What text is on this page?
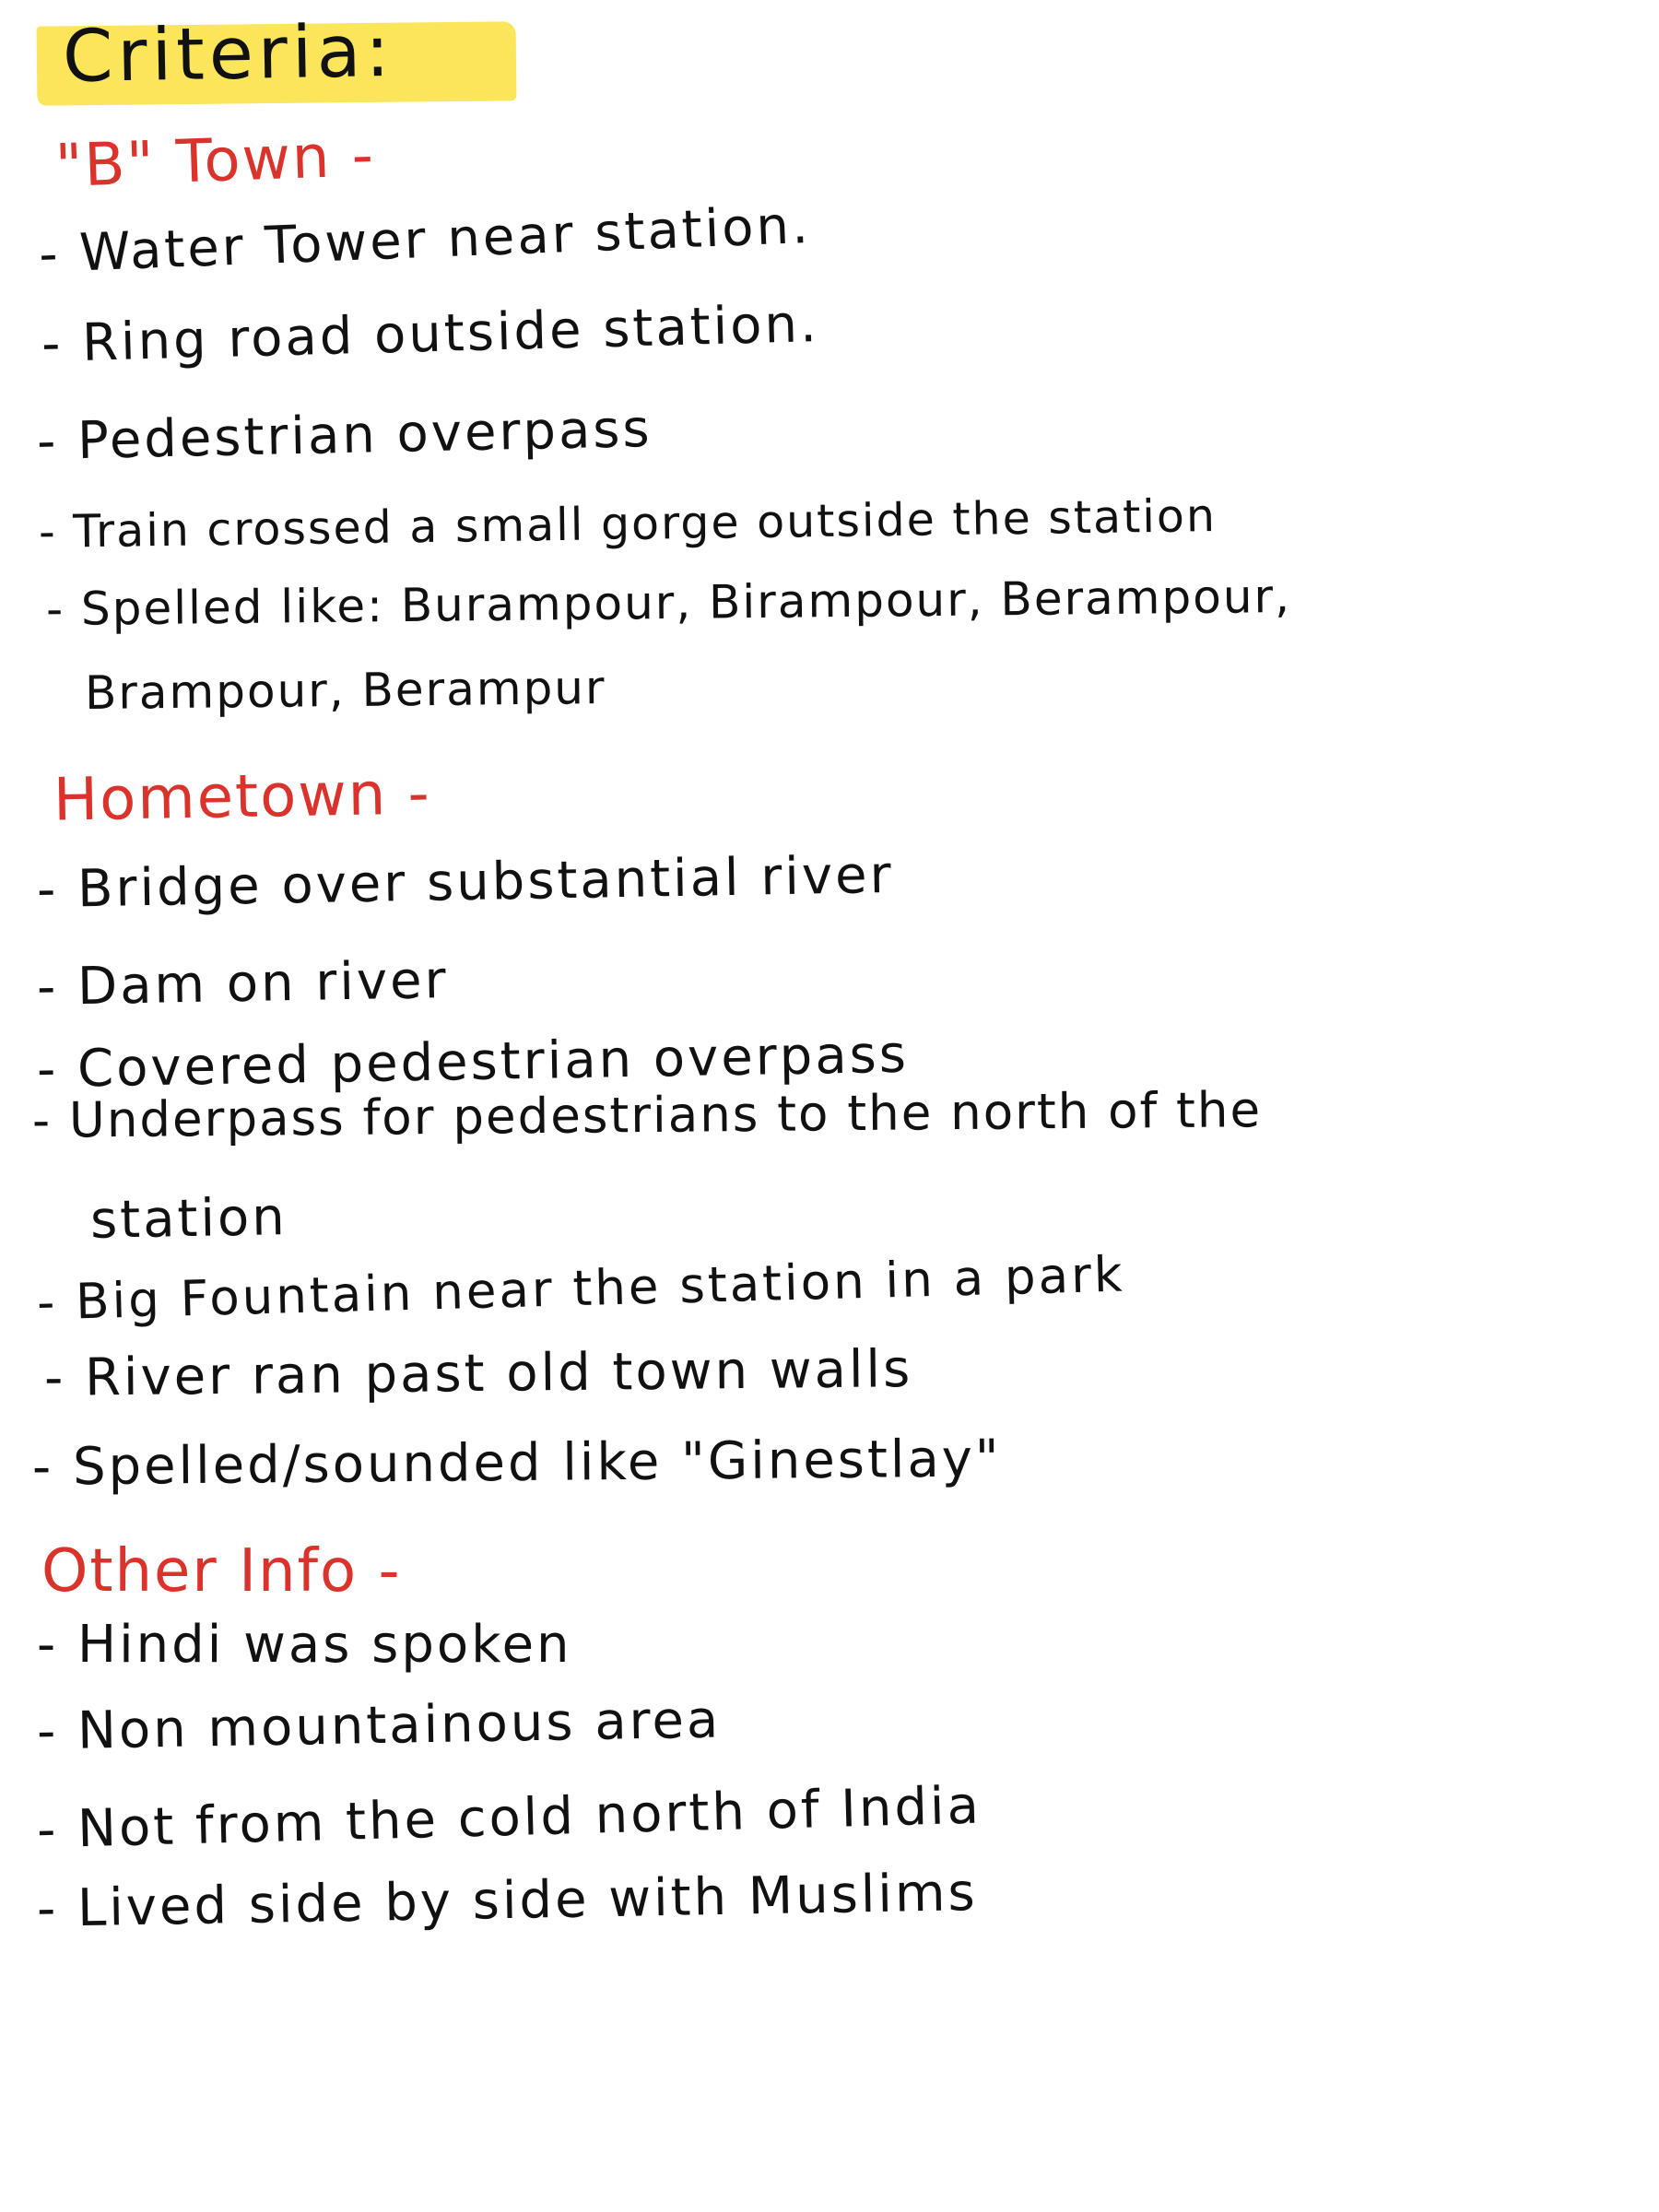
Criteria:
"B" Town -
- Water Tower near station.
- Ring road outside station.
- Pedestrian overpass
- Train crossed a small gorge outside the station
- Spelled like: Burampour, Birampour, Berampour,
Brampour, Berampur
Hometown -
- Bridge over substantial river
- Dam on river
- Covered pedestrian overpass
- Underpass for pedestrians to the north of the
station
- Big Fountain near the station in a park
- River ran past old town walls
- Spelled/sounded like "Ginestlay"
Other Info -
- Hindi was spoken
- Non mountainous area
- Not from the cold north of India
- Lived side by side with Muslims
